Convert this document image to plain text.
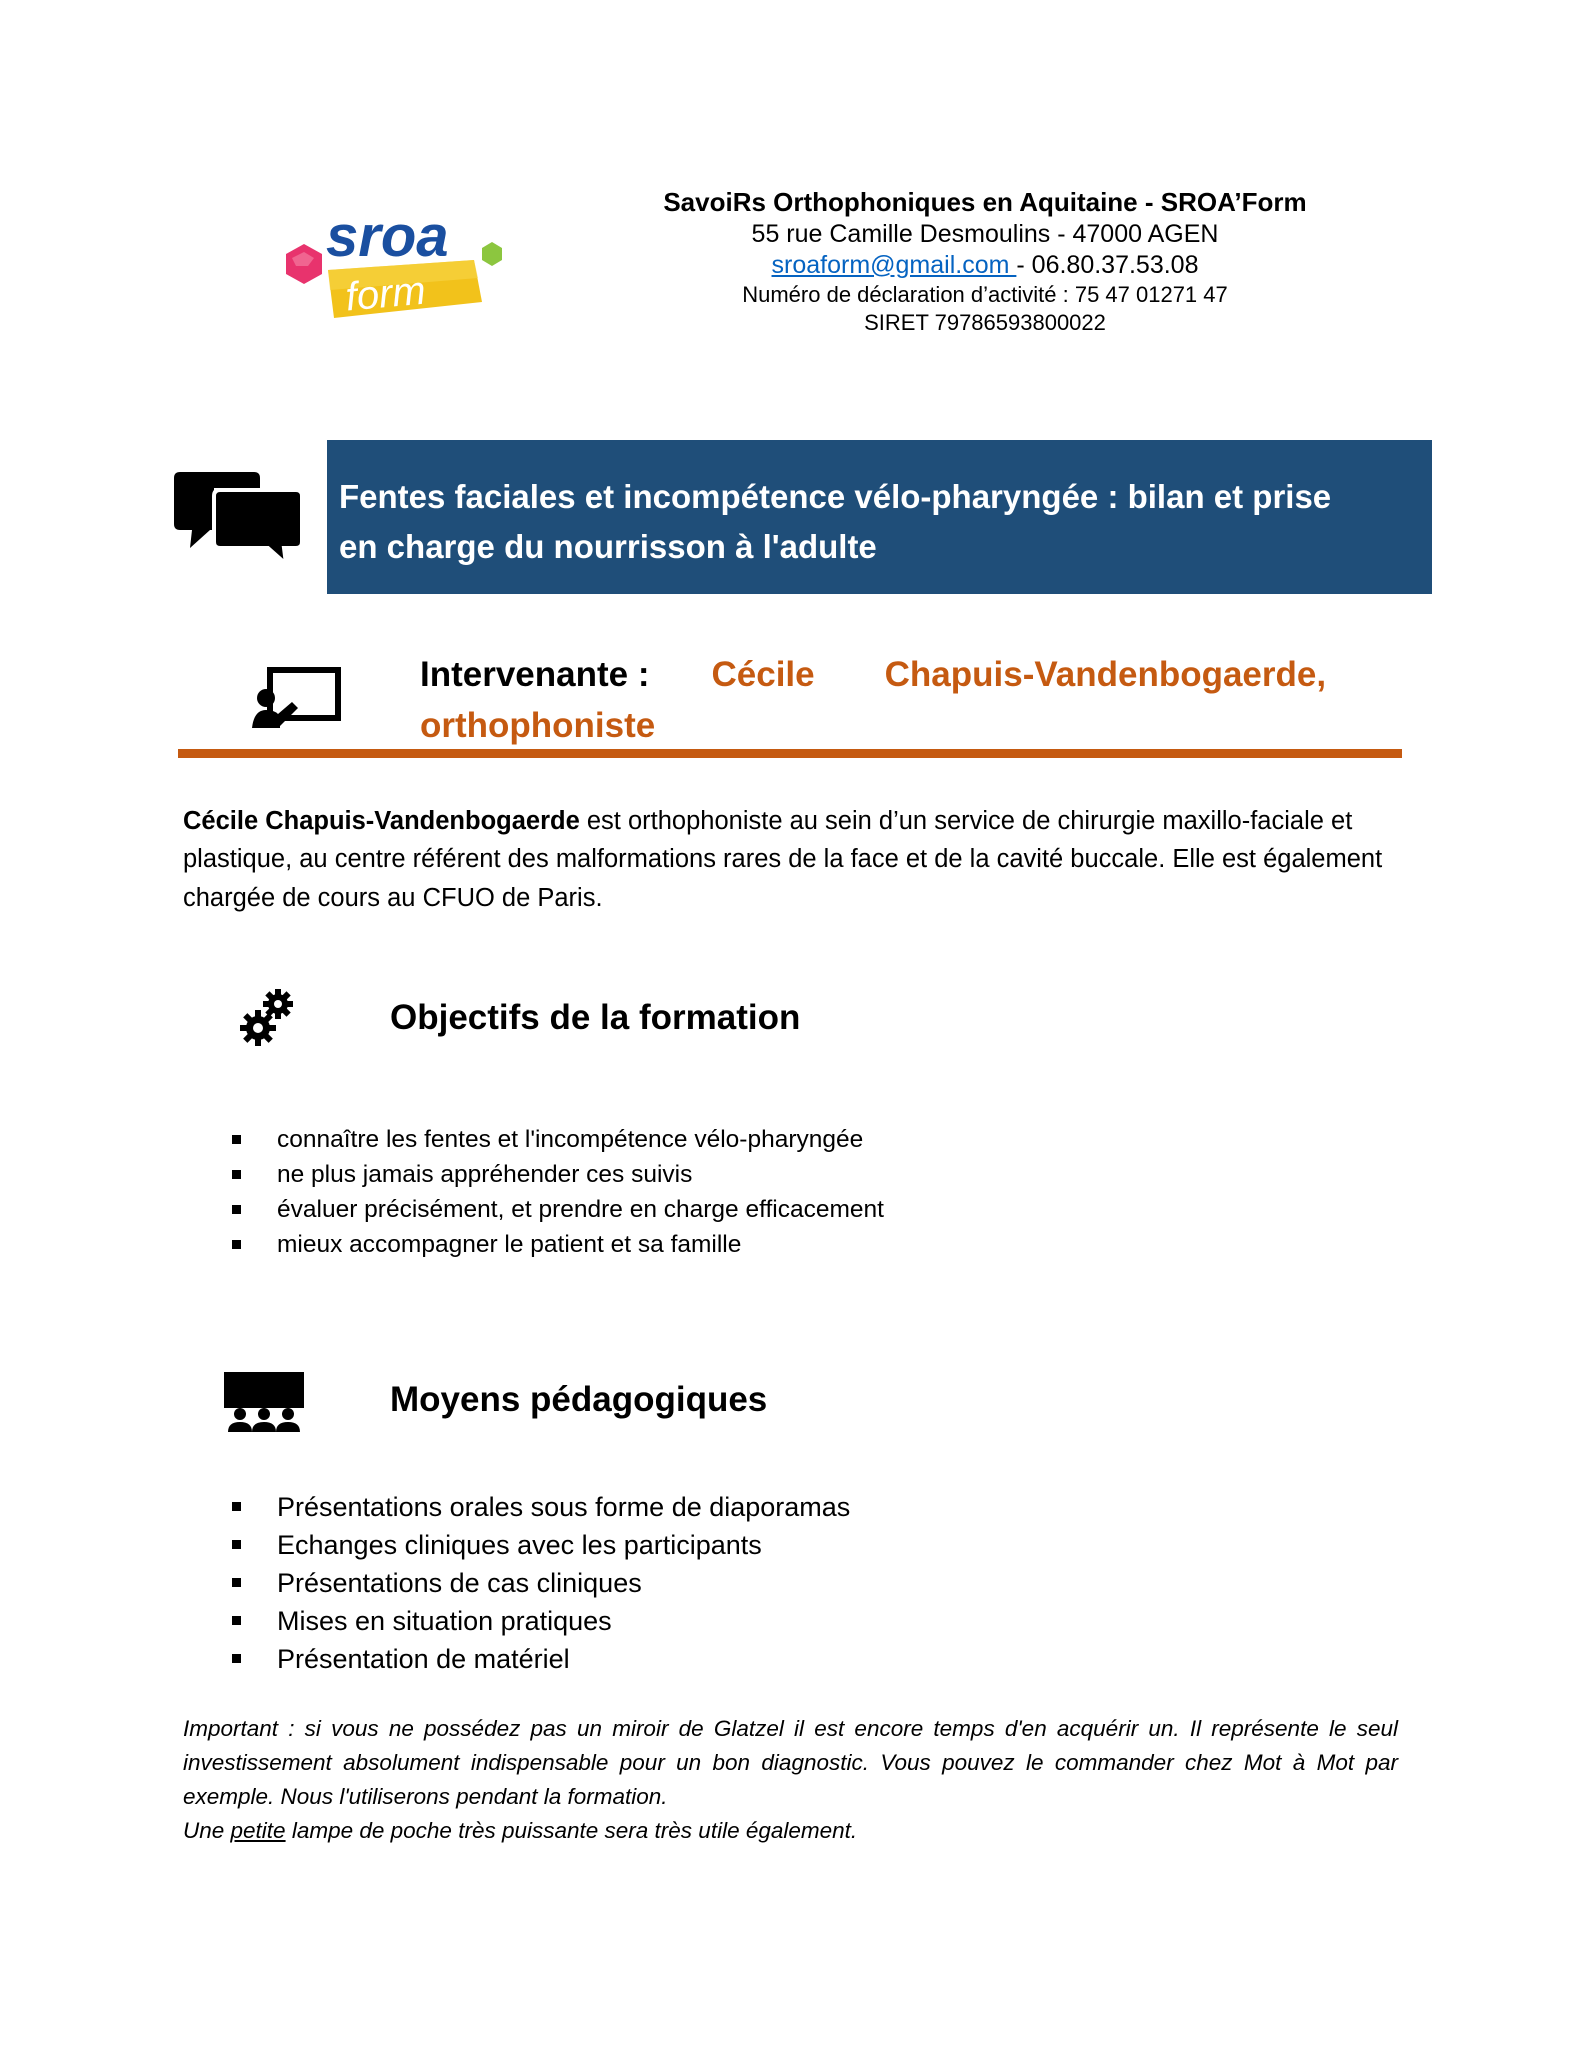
sroa
form
SavoiRs Orthophoniques en Aquitaine - SROA’Form
55 rue Camille Desmoulins - 47000 AGEN
sroaform@gmail.com - 06.80.37.53.08
Numéro de déclaration d’activité : 75 47 01271 47
SIRET 79786593800022
Fentes faciales et incompétence vélo-pharyngée : bilan et prise
en charge du nourrisson à l'adulte
Intervenante : Cécile Chapuis-Vandenbogaerde,
orthophoniste
Cécile Chapuis-Vandenbogaerde est orthophoniste au sein d’un service de chirurgie maxillo-faciale et plastique, au centre référent des malformations rares de la face et de la cavité buccale. Elle est également chargée de cours au CFUO de Paris.
Objectifs de la formation
connaître les fentes et l'incompétence vélo-pharyngée
ne plus jamais appréhender ces suivis
évaluer précisément, et prendre en charge efficacement
mieux accompagner le patient et sa famille
Moyens pédagogiques
Présentations orales sous forme de diaporamas
Echanges cliniques avec les participants
Présentations de cas cliniques
Mises en situation pratiques
Présentation de matériel
Important : si vous ne possédez pas un miroir de Glatzel il est encore temps d'en acquérir un. Il représente le seul investissement absolument indispensable pour un bon diagnostic. Vous pouvez le commander chez Mot à Mot par exemple. Nous l'utiliserons pendant la formation.
Une petite lampe de poche très puissante sera très utile également.
